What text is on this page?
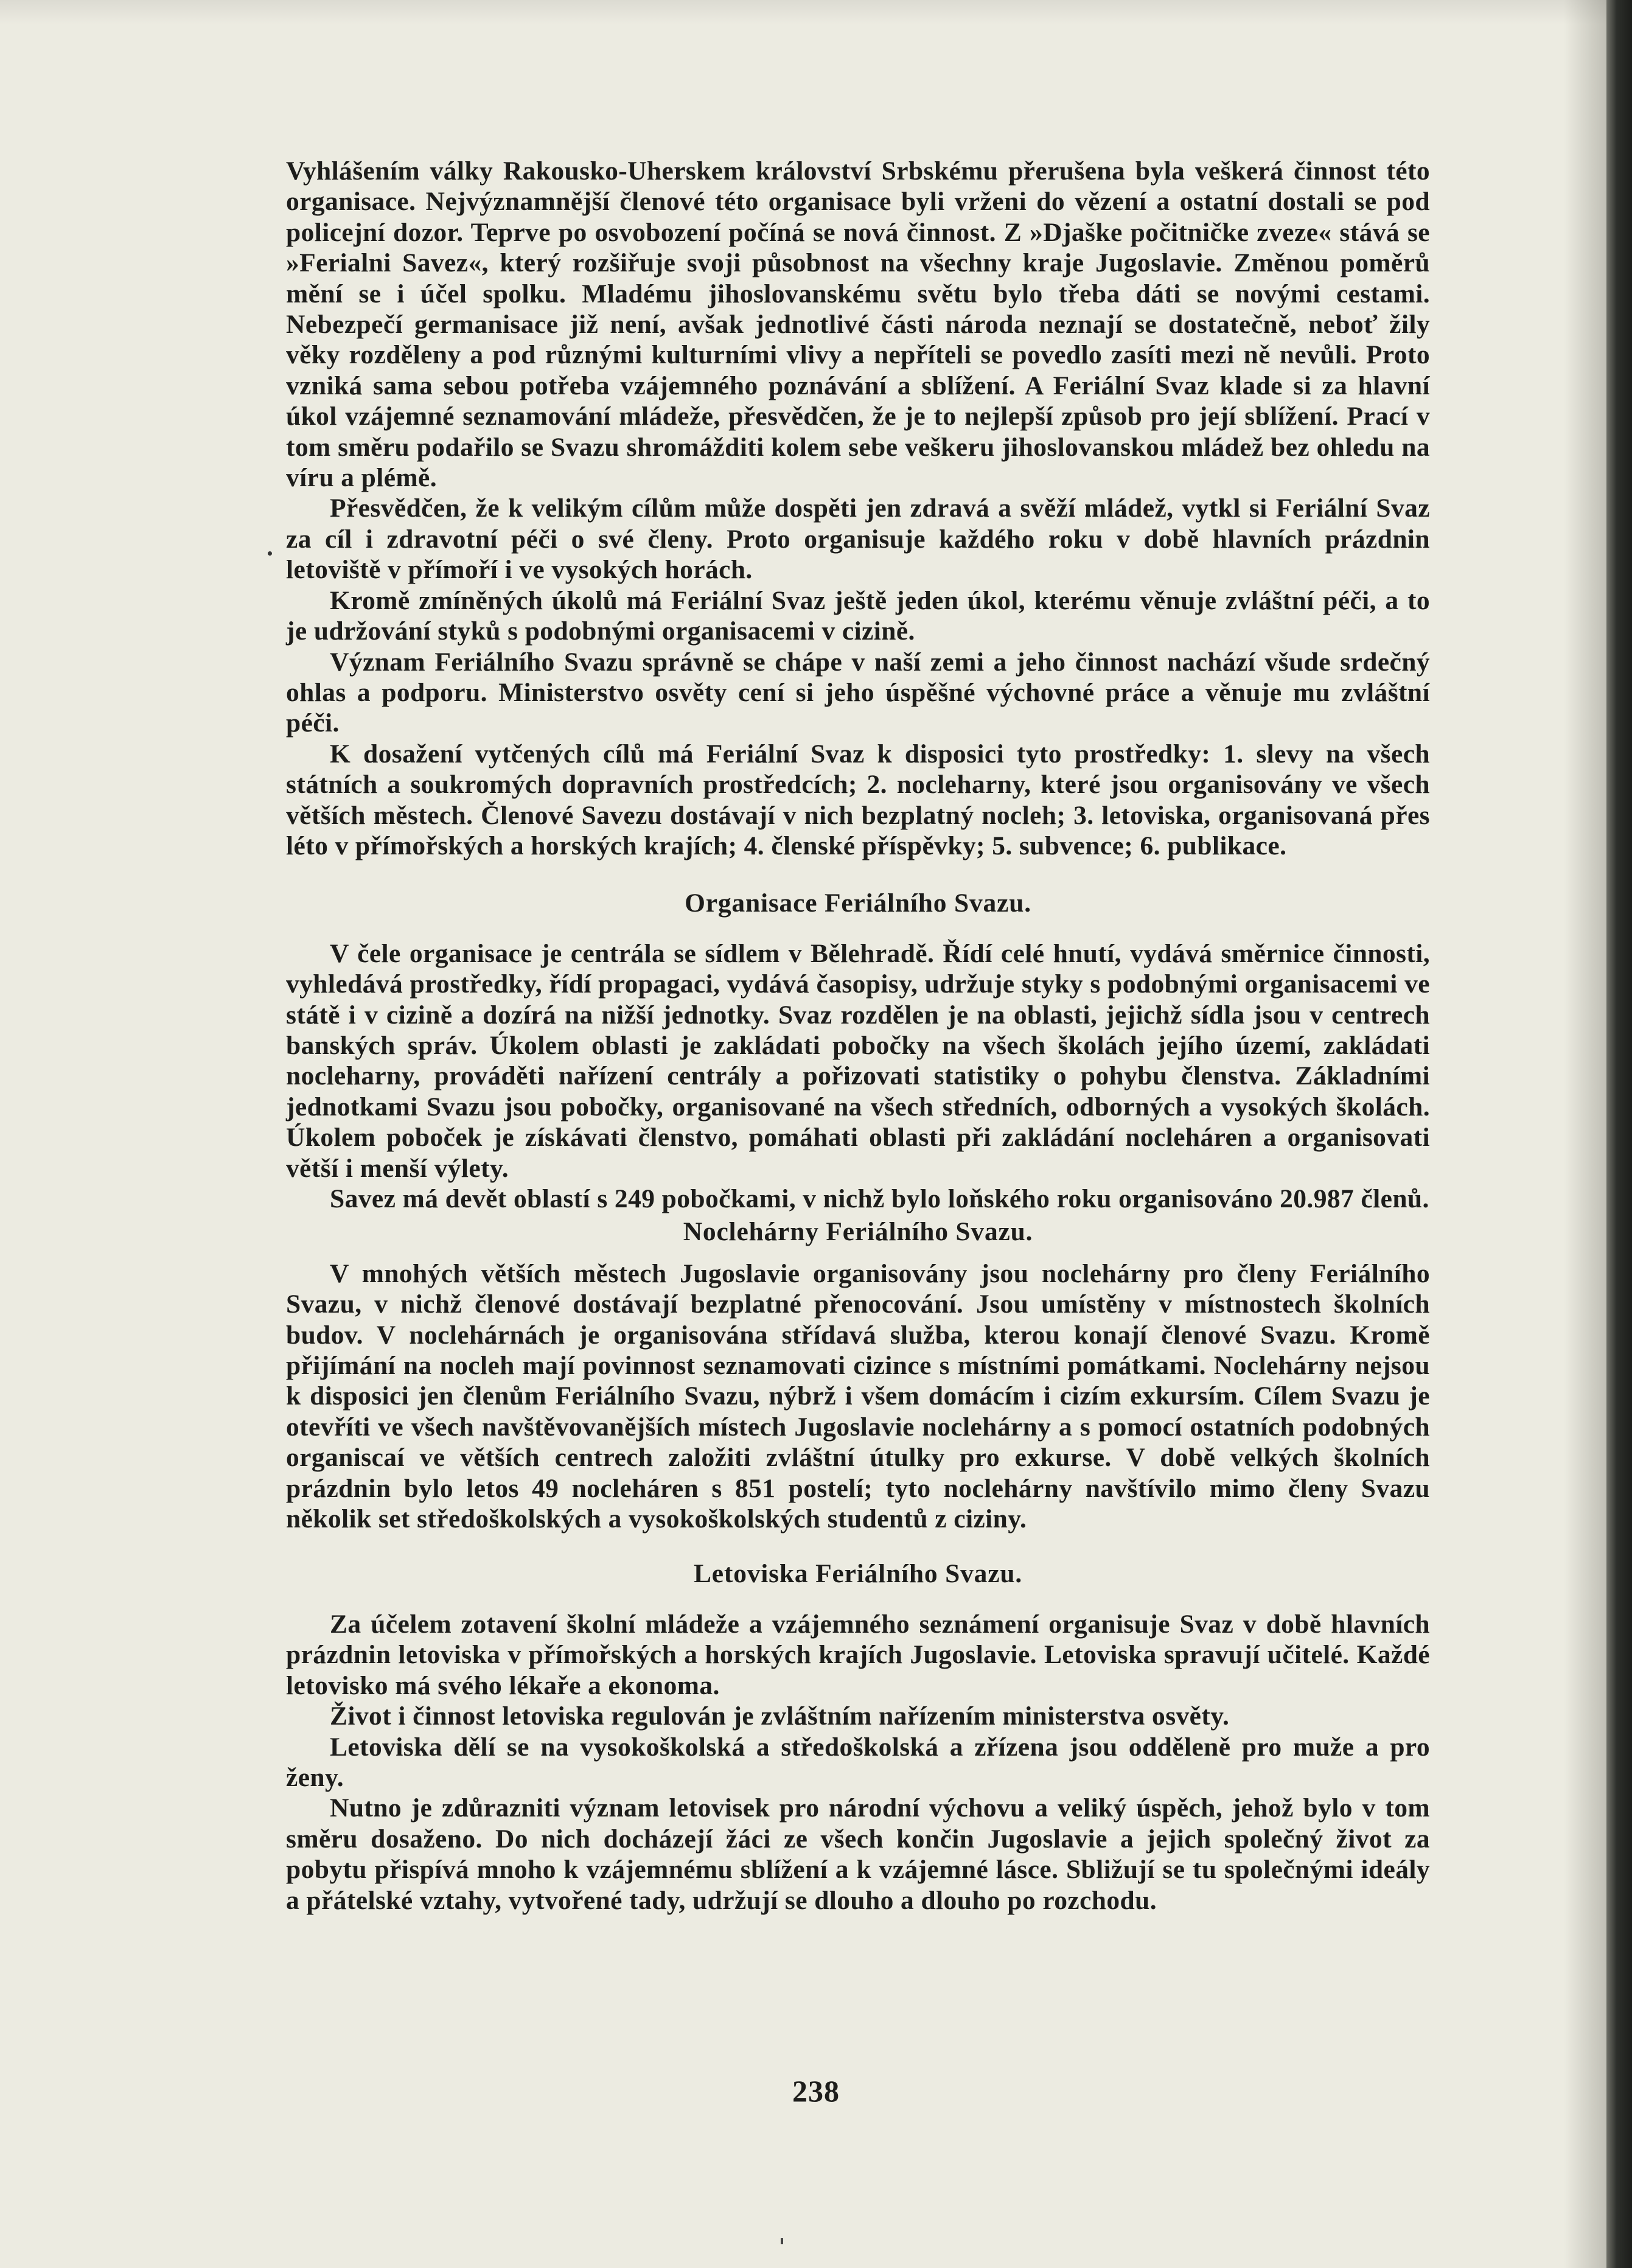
Vyhlášením války Rakousko-Uherskem království Srbskému přerušena byla veškerá činnost této organisace. Nejvýznamnější členové této organisace byli vrženi do vězení a ostatní dostali se pod policejní dozor. Teprve po osvobození počíná se nová činnost. Z »Djaške počitničke zveze« stává se »Ferialni Savez«, který rozšiřuje svoji působnost na všechny kraje Jugoslavie. Změnou poměrů mění se i účel spolku. Mladému jihoslovanskému světu bylo třeba dáti se novými cestami. Nebezpečí germanisace již není, avšak jednotlivé části národa neznají se dostatečně, neboť žily věky rozděleny a pod různými kulturními vlivy a nepříteli se povedlo zasíti mezi ně nevůli. Proto vzniká sama sebou potřeba vzájemného poznávání a sblížení. A Feriální Svaz klade si za hlavní úkol vzájemné seznamování mládeže, přesvědčen, že je to nejlepší způsob pro její sblížení. Prací v tom směru podařilo se Svazu shromážditi kolem sebe veškeru jihoslovanskou mládež bez ohledu na víru a plémě.

Přesvědčen, že k velikým cílům může dospěti jen zdravá a svěží mládež, vytkl si Feriální Svaz za cíl i zdravotní péči o své členy. Proto organisuje každého roku v době hlavních prázdnin letoviště v přímoří i ve vysokých horách.

Kromě zmíněných úkolů má Feriální Svaz ještě jeden úkol, kterému věnuje zvláštní péči, a to je udržování styků s podobnými organisacemi v cizině.

Význam Feriálního Svazu správně se chápe v naší zemi a jeho činnost nachází všude srdečný ohlas a podporu. Ministerstvo osvěty cení si jeho úspěšné výchovné práce a věnuje mu zvláštní péči.

K dosažení vytčených cílů má Feriální Svaz k disposici tyto prostředky: 1. slevy na všech státních a soukromých dopravních prostředcích; 2. nocleharny, které jsou organisovány ve všech větších městech. Členové Savezu dostávají v nich bezplatný nocleh; 3. letoviska, organisovaná přes léto v přímořských a horských krajích; 4. členské příspěvky; 5. subvence; 6. publikace.

Organisace Feriálního Svazu.

V čele organisace je centrála se sídlem v Bělehradě. Řídí celé hnutí, vydává směrnice činnosti, vyhledává prostředky, řídí propagaci, vydává časopisy, udržuje styky s podobnými organisacemi ve státě i v cizině a dozírá na nižší jednotky. Svaz rozdělen je na oblasti, jejichž sídla jsou v centrech banských správ. Úkolem oblasti je zakládati pobočky na všech školách jejího území, zakládati nocleharny, prováděti nařízení centrály a pořizovati statistiky o pohybu členstva. Základními jednotkami Svazu jsou pobočky, organisované na všech středních, odborných a vysokých školách. Úkolem poboček je získávati členstvo, pomáhati oblasti při zakládání nocleháren a organisovati větší i menší výlety.

Savez má devět oblastí s 249 pobočkami, v nichž bylo loňského roku organisováno 20.987 členů.

Noclehárny Feriálního Svazu.

V mnohých větších městech Jugoslavie organisovány jsou noclehárny pro členy Feriálního Svazu, v nichž členové dostávají bezplatné přenocování. Jsou umístěny v místnostech školních budov. V noclehárnách je organisována střídavá služba, kterou konají členové Svazu. Kromě přijímání na nocleh mají povinnost seznamovati cizince s místními pomátkami. Noclehárny nejsou k disposici jen členům Feriálního Svazu, nýbrž i všem domácím i cizím exkursím. Cílem Svazu je otevříti ve všech navštěvovanějších místech Jugoslavie noclehárny a s pomocí ostatních podobných organiscaí ve větších centrech založiti zvláštní útulky pro exkurse. V době velkých školních prázdnin bylo letos 49 nocleháren s 851 postelí; tyto noclehárny navštívilo mimo členy Svazu několik set středoškolských a vysokoškolských studentů z ciziny.

Letoviska Feriálního Svazu.

Za účelem zotavení školní mládeže a vzájemného seznámení organisuje Svaz v době hlavních prázdnin letoviska v přímořských a horských krajích Jugoslavie. Letoviska spravují učitelé. Každé letovisko má svého lékaře a ekonoma.

Život i činnost letoviska regulován je zvláštním nařízením ministerstva osvěty.

Letoviska dělí se na vysokoškolská a středoškolská a zřízena jsou odděleně pro muže a pro ženy.

Nutno je zdůrazniti význam letovisek pro národní výchovu a veliký úspěch, jehož bylo v tom směru dosaženo. Do nich docházejí žáci ze všech končin Jugoslavie a jejich společný život za pobytu přispívá mnoho k vzájemnému sblížení a k vzájemné lásce. Sbližují se tu společnými ideály a přátelské vztahy, vytvořené tady, udržují se dlouho a dlouho po rozchodu.

238
